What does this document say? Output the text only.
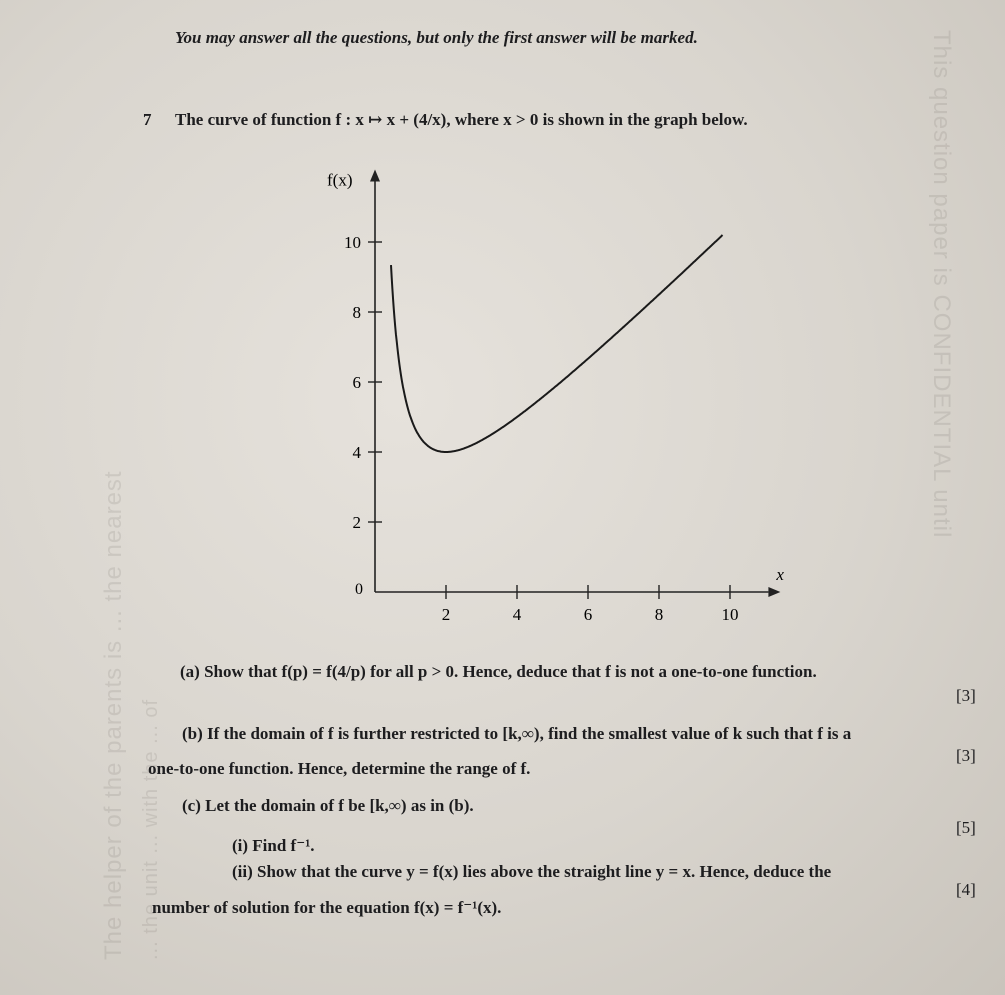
The helper of the parents is ... the nearest
This question paper is CONFIDENTIAL until
... the unit ... with the ... of
You may answer all the questions, but only the first answer will be marked.
7 The curve of function f : x ↦ x + (4/x), where x > 0 is shown in the graph below.
2	4	6	8	10
2
4
6
8
10
0
f(x)
x
(a) Show that f(p) = f(4/p) for all p > 0. Hence, deduce that f is not a one-to-one function.
[3]
(b) If the domain of f is further restricted to [k,∞), find the smallest value of k such that f is a
one-to-one function. Hence, determine the range of f.
[3]
(c) Let the domain of f be [k,∞) as in (b).
(i) Find f⁻¹.
[5]
(ii) Show that the curve y = f(x) lies above the straight line y = x. Hence, deduce the
number of solution for the equation f(x) = f⁻¹(x).
[4]
